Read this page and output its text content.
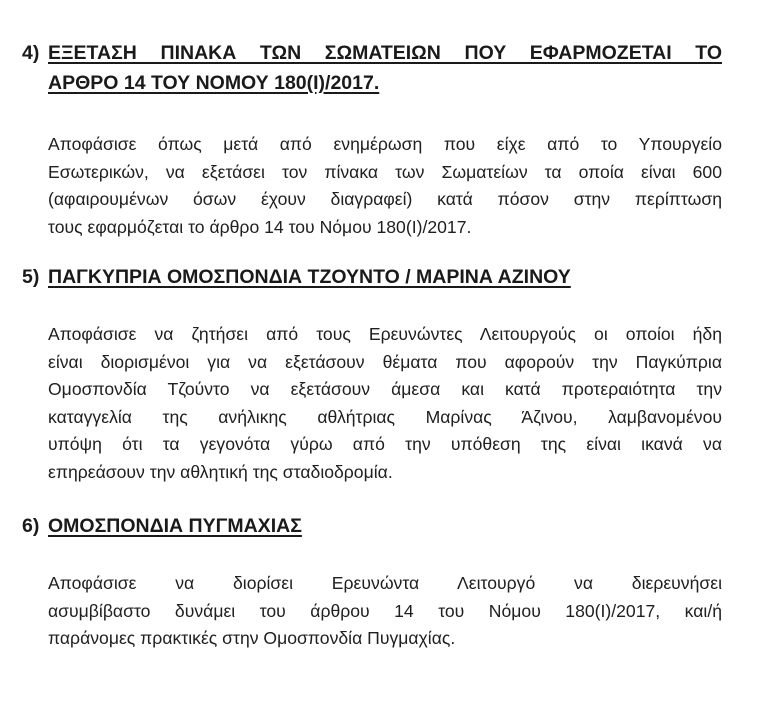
4) ΕΞΕΤΑΣΗ ΠΙΝΑΚΑ ΤΩΝ ΣΩΜΑΤΕΙΩΝ ΠΟΥ ΕΦΑΡΜΟΖΕΤΑΙ ΤΟ
ΑΡΘΡΟ 14 ΤΟΥ ΝΟΜΟΥ 180(Ι)/2017.
Αποφάσισε όπως μετά από ενημέρωση που είχε από το Υπουργείο
Εσωτερικών, να εξετάσει τον πίνακα των Σωματείων τα οποία είναι 600
(αφαιρουμένων όσων έχουν διαγραφεί) κατά πόσον στην περίπτωση
τους εφαρμόζεται το άρθρο 14 του Νόμου 180(Ι)/2017.
5) ΠΑΓΚΥΠΡΙΑ ΟΜΟΣΠΟΝΔΙΑ ΤΖΟΥΝΤΟ / ΜΑΡΙΝΑ ΑΖΙΝΟΥ
Αποφάσισε να ζητήσει από τους Ερευνώντες Λειτουργούς οι οποίοι ήδη
είναι διορισμένοι για να εξετάσουν θέματα που αφορούν την Παγκύπρια
Ομοσπονδία Τζούντο να εξετάσουν άμεσα και κατά προτεραιότητα την
καταγγελία της ανήλικης αθλήτριας Μαρίνας Άζινου, λαμβανομένου
υπόψη ότι τα γεγονότα γύρω από την υπόθεση της είναι ικανά να
επηρεάσουν την αθλητική της σταδιοδρομία.
6) ΟΜΟΣΠΟΝΔΙΑ ΠΥΓΜΑΧΙΑΣ
Αποφάσισε να διορίσει Ερευνώντα Λειτουργό να διερευνήσει
ασυμβίβαστο δυνάμει του άρθρου 14 του Νόμου 180(Ι)/2017, και/ή
παράνομες πρακτικές στην Ομοσπονδία Πυγμαχίας.
